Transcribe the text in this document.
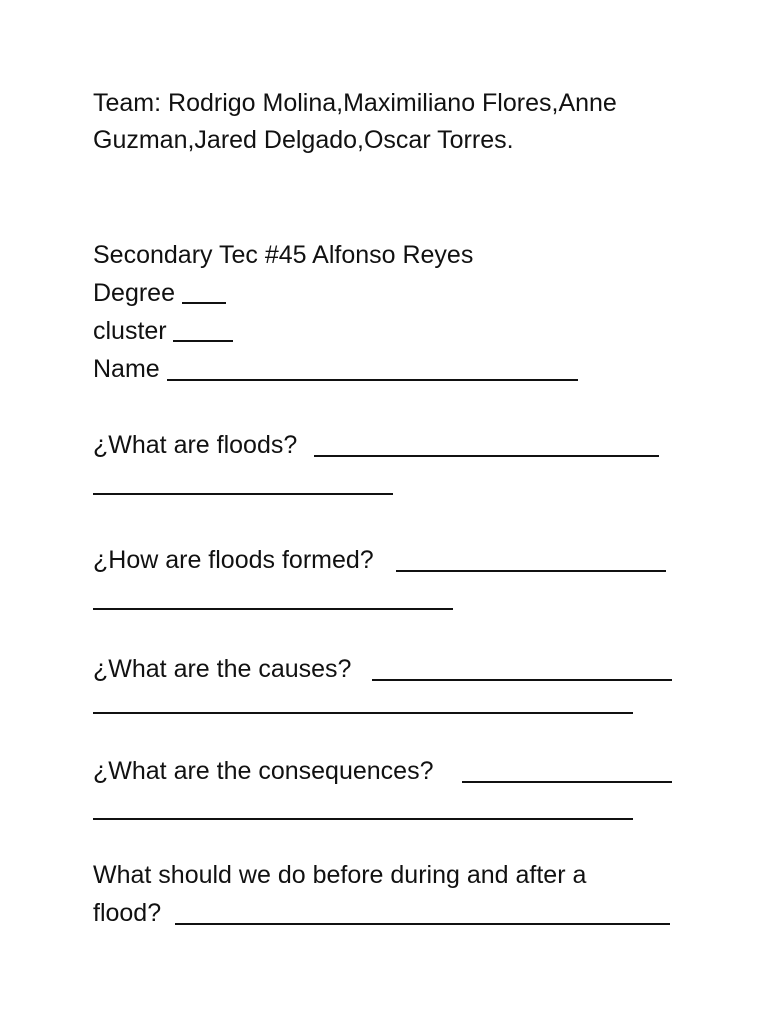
Team: Rodrigo Molina,Maximiliano Flores,Anne
Guzman,Jared Delgado,Oscar Torres.
Secondary Tec #45 Alfonso Reyes
Degree
cluster
Name
¿What are floods?
¿How are floods formed?
¿What are the causes?
¿What are the consequences?
What should we do before during and after a
flood?
